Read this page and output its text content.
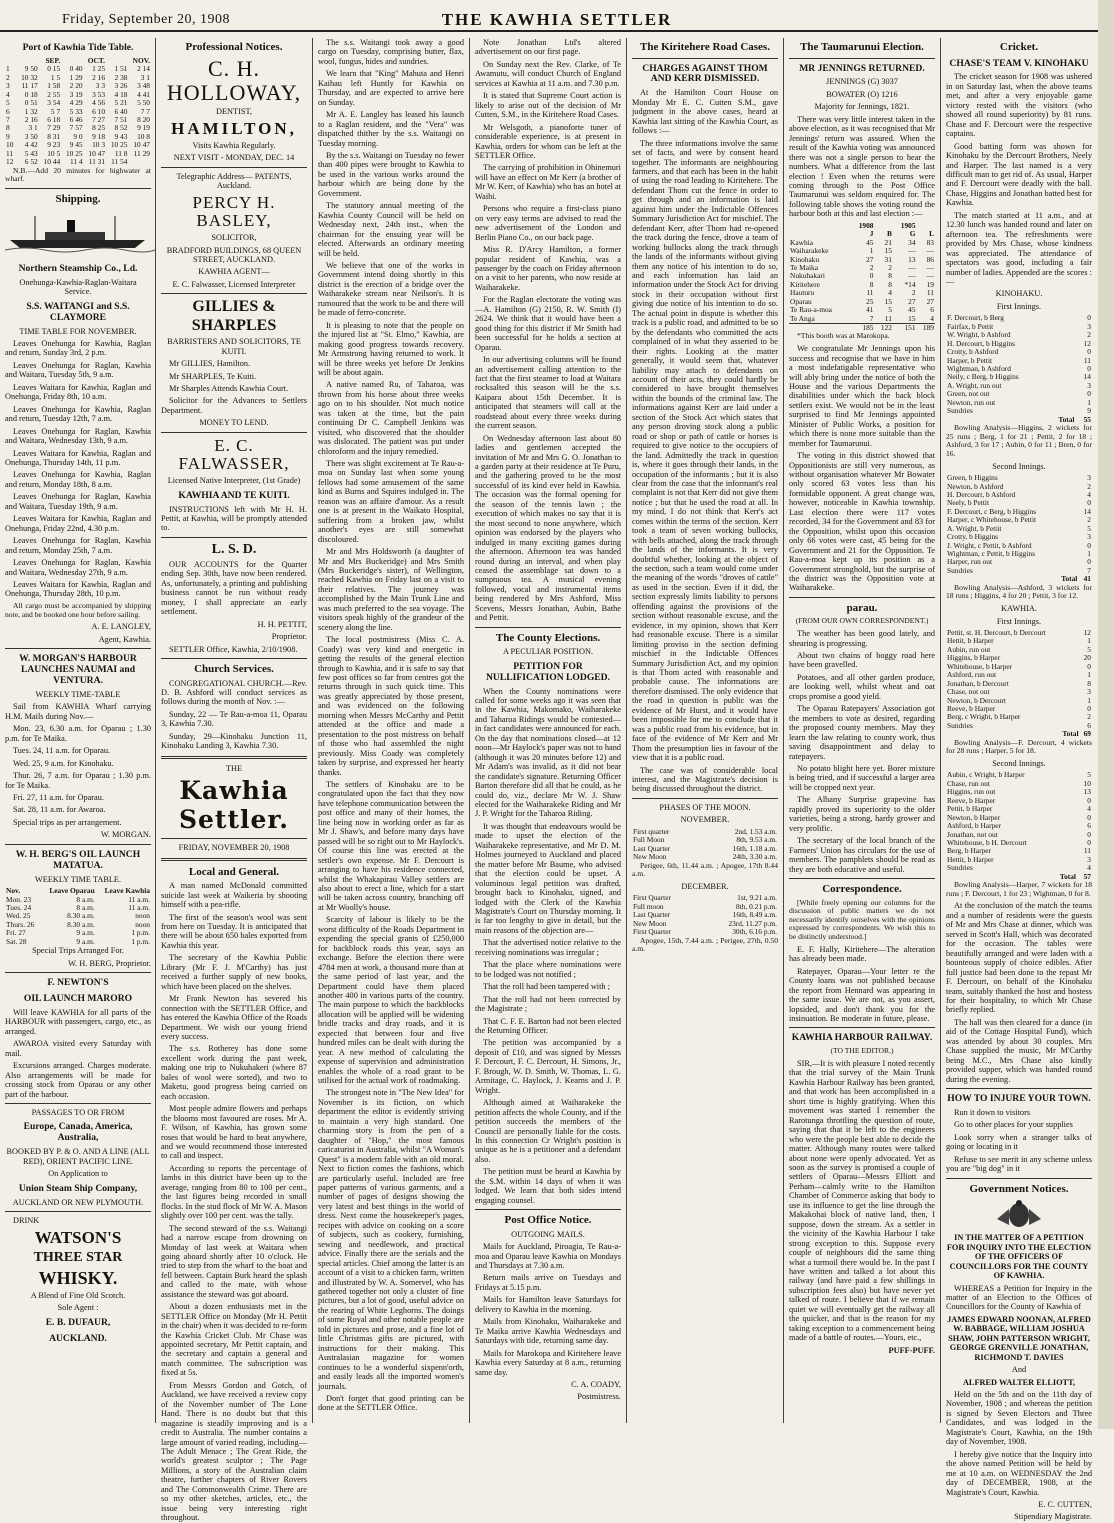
Friday, September 20, 1908	THE KAWHIA SETTLER
Port of Kawhia Tide Table.
	SEP.		OCT.		NOV.	
1	9 50	0 15	0 40	1 25	1 51	2 14
2	10 32	1 5	1 29	2 16	2 38	3 1
3	11 17	1 58	2 20	3 3	3 26	3 48
4	0 18	2 55	3 19	3 53	4 18	4 41
5	0 51	3 54	4 29	4 56	5 21	5 50
6	1 32	5 7	5 33	6 10	6 40	7 7
7	2 16	6 18	6 46	7 27	7 51	8 20
8	3 1	7 29	7 57	8 25	8 52	9 19
9	3 50	8 31	9 0	9 18	9 43	10 8
10	4 42	9 23	9 45	10 3	10 25	10 47
11	5 43	10 5	10 25	10 47	11 8	11 29
12	6 52	10 44	11 4	11 31	11 54	

N.B.—Add 20 minutes for highwater at wharf.

Shipping.
Northern Steamship Co., Ld.

Onehunga-Kawhia-Raglan-Waitara Service.

S.S. WAITANGI and S.S. CLAYMORE

TIME TABLE FOR NOVEMBER.

Leaves Onehunga for Kawhia, Raglan and return, Sunday 3rd, 2 p.m.

Leaves Onehunga for Raglan, Kawhia and Waitara, Tuesday 5th, 9 a.m.

Leaves Waitara for Kawhia, Raglan and Onehunga, Friday 8th, 10 a.m.

Leaves Onehunga for Kawhia, Raglan and return, Tuesday 12th, 7 a.m.

Leaves Onehunga for Raglan, Kawhia and Waitara, Wednesday 13th, 9 a.m.

Leaves Waitara for Kawhia, Raglan and Onehunga, Thursday 14th, 11 p.m.

Leaves Onehunga for Kawhia, Raglan and return, Monday 18th, 8 a.m.

Leaves Onehunga for Raglan, Kawhia and Waitara, Tuesday 19th, 9 a.m.

Leaves Waitara for Kawhia, Raglan and Onehunga, Friday 22nd, 4.30 p.m.

Leaves Onehunga for Raglan, Kawhia and return, Monday 25th, 7 a.m.

Leaves Onehunga for Raglan, Kawhia and Waitara, Wednesday 27th, 9 a.m.

Leaves Waitara for Kawhia, Raglan and Onehunga, Thursday 28th, 10 p.m.

All cargo must be accompanied by shipping note, and be booked one hour before sailing.

A. E. LANGLEY,

Agent, Kawhia.

W. MORGAN'S HARBOUR LAUNCHES NAUMAI and VENTURA.

WEEKLY TIME-TABLE

Sail from KAWHIA Wharf carrying H.M. Mails during Nov.—

Mon. 23, 6.30 a.m. for Oparau ; 1.30 p.m. for Te Maika.

Tues. 24, 11 a.m. for Oparau.

Wed. 25, 9 a.m. for Kinohaku.

Thur. 26, 7 a.m. for Oparau ; 1.30 p.m. for Te Maika.

Fri. 27, 11 a.m. for Oparau.

Sat. 28, 11 a.m. for Awaroa.

Special trips as per arrangement.

W. MORGAN.

W. H. BERG'S OIL LAUNCH MATATUA.

WEEKLY TIME TABLE.

Nov.	Leave Oparau	Leave Kawhia
Mon. 23	8 a.m.	11 a.m.
Tues. 24	8 a.m.	11 a.m.
Wed. 25	8.30 a.m.	noon
Thurs. 26	8.30 a.m.	noon
Fri. 27	9 a.m.	1 p.m.
Sat. 28	9 a.m.	1 p.m.

Special Trips Arranged For.

W. H. BERG, Proprietor.

F. NEWTON'S
OIL LAUNCH MARORO

Will leave KAWHIA for all parts of the HARBOUR with passengers, cargo, etc., as arranged.

AWAROA visited every Saturday with mail.

Excursions arranged. Charges moderate. Also arrangements will be made for crossing stock from Oparau or any other part of the harbour.

PASSAGES TO OR FROM

Europe, Canada, America, Australia,

BOOKED BY P. & O. AND A LINE (ALL RED), ORIENT PACIFIC LINE.

On Application to

Union Steam Ship Company,

AUCKLAND OR NEW PLYMOUTH.

DRINK

WATSON'S
THREE STAR
WHISKY.

A Blend of Fine Old Scotch.

Sole Agent :

E. B. DUFAUR,
AUCKLAND.
Professional Notices.
C. H. HOLLOWAY,

DENTIST,

HAMILTON,

Visits Kawhia Regularly.

NEXT VISIT - MONDAY, DEC. 14

Telegraphic Address— PATENTS, Auckland.

PERCY H. BASLEY,

SOLICITOR,

BRADFORD BUILDINGS, 68 QUEEN STREET, AUCKLAND.

KAWHIA AGENT—

E. C. Falwasser, Licensed Interpreter

GILLIES & SHARPLES

BARRISTERS AND SOLICITORS, TE KUITI.

Mr GILLIES, Hamilton.

Mr SHARPLES, Te Kuiti.

Mr Sharples Attends Kawhia Court.

Solicitor for the Advances to Settlers Department.

MONEY TO LEND.

E. C. FALWASSER,

Licensed Native Interpreter, (1st Grade)

KAWHIA AND TE KUITI.

INSTRUCTIONS left with Mr H. H. Pettit, at Kawhia, will be promptly attended to.

L. S. D.

OUR ACCOUNTS for the Quarter ending Sep. 30th, have now been rendered. As, unfortunately, a printing and publishing business cannot be run without ready money, I shall appreciate an early settlement.

H. H. PETTIT,

Proprietor.

SETTLER Office, Kawhia, 2/10/1908.

Church Services.

CONGREGATIONAL CHURCH.—Rev. D. B. Ashford will conduct services as follows during the month of Nov. :—

Sunday, 22 — Te Rau-a-moa 11, Oparau 3, Kawhia 7.30.

Sunday, 29—Kinohaku Junction 11, Kinohaku Landing 3, Kawhia 7.30.

THE

Kawhia Settler.

FRIDAY, NOVEMBER 20, 1908

Local and General.

A man named McDonald committed suicide last week at Waikeria by shooting himself with a pea-rifle.

The first of the season's wool was sent from here on Tuesday. It is anticipated that there will be about 650 bales exported from Kawhia this year.

The secretary of the Kawhia Public Library (Mr F. J. M'Carthy) has just received a further supply of new books, which have been placed on the shelves.

Mr Frank Newton has severed his connection with the SETTLER Office, and has entered the Kawhia Office of the Roads Department. We wish our young friend every success.

The s.s. Rotherey has done some excellent work during the past week, making one trip to Nukuhakeri (where 87 bales of wool were sorted), and two to Maketu, good progress being carried on each occasion.

Most people admire flowers and perhaps the blooms most favoured are roses. Mr A. F. Wilson, of Kawhia, has grown some roses that would be hard to beat anywhere, and we would recommend those interested to call and inspect.

According to reports the percentage of lambs in this district have been up to the average, ranging from 80 to 100 per cent., the last figures being recorded in small flocks. In the stud flock of Mr W. A. Mason slightly over 100 per cent. was the tally.

The second steward of the s.s. Waitangi had a narrow escape from drowning on Monday of last week at Waitara when going aboard shortly after 10 o'clock. He tried to step from the wharf to the boat and fell between. Captain Burk heard the splash and called to the mate, with whose assistance the steward was got aboard.

About a dozen enthusiasts met in the SETTLER Office on Monday (Mr H. Pettit in the chair) when it was decided to re-form the Kawhia Cricket Club. Mr Chase was appointed secretary, Mr Pettit captain, and the secretary and captain a general and match committee. The subscription was fixed at 5s.

From Messrs Gordon and Gotch, of Auckland, we have received a review copy of the November number of The Lone Hand. There is no doubt but that this magazine is steadily improving and is a credit to Australia. The number contains a large amount of varied reading, including—The Adult Menace ; The Great Ride, the world's greatest sculptor ; The Page Millions, a story of the Australian claim theatre, further chapters of River Rovers and The Commonwealth Crime. There are so my other sketches, articles, etc., the issue being very interesting right throughout.

The s.s. Waitangi took away a good cargo on Tuesday, comprising butter, flax, wool, fungus, hides and sundries.

We learn that "King" Mahuta and Henri Kaihau left Huntly for Kawhia on Thursday, and are expected to arrive here on Sunday.

Mr A. E. Langley has leased his launch to a Raglan resident, and the "Vera" was dispatched thither by the s.s. Waitangi on Tuesday morning.

By the s.s. Waitangi on Tuesday no fewer than 400 pipes were brought to Kawhia to be used in the various works around the harbour which are being done by the Government.

The statutory annual meeting of the Kawhia County Council will be held on Wednesday next, 24th inst., when the chairman for the ensuing year will be elected. Afterwards an ordinary meeting will be held.

We believe that one of the works in Government intend doing shortly in this district is the erection of a bridge over the Waiharakeke stream near Neilson's. It is rumoured that the work to be and there will be made of ferro-concrete.

It is pleasing to note that the people on the injured list at "St. Elmo," Kawhia, are making good progress towards recovery. Mr Armstrong having returned to work. It will be three weeks yet before Dr Jenkins will be about again.

A native named Ru, of Taharoa, was thrown from his horse about three weeks ago on to his shoulder. Not much notice was taken at the time, but the pain continuing Dr C. Campbell Jenkins was visited, who discovered that the shoulder was dislocated. The patient was put under chloroform and the injury remedied.

There was slight excitement at Te Rau-a-moa on Sunday last when some young fellows had some amusement of the same kind as Burns and Squires indulged in. The reason was an affaire d'amour. As a result one is at present in the Waikato Hospital, suffering from a broken jaw, whilst another's eyes are still somewhat discoloured.

Mr and Mrs Holdsworth (a daughter of Mr and Mrs Buckeridge) and Mrs Smith (Mrs Buckeridge's sister), of Wellington, reached Kawhia on Friday last on a visit to their relatives. The journey was accomplished by the Main Trunk Line and was much preferred to the sea voyage. The visitors speak highly of the grandeur of the scenery along the line.

The local postmistress (Miss C. A. Coady) was very kind and energetic in getting the results of the general election through to Kawhia, and it is safe to say that few post offices so far from centres got the returns through in such quick time. This was greatly appreciated by those present, and was evidenced on the following morning when Messrs McCarthy and Pettit attended at the office and made a presentation to the post mistress on behalf of those who had assembled the night previously. Miss Coady was completely taken by surprise, and expressed her hearty thanks.

The settlers of Kinohaku are to be congratulated upon the fact that they now have telephone communication between the post office and many of their homes, the line being now in working order as far as Mr J. Shaw's, and before many days have passed will be so right out to Mr Haylock's. Of course this line was erected at the settler's own expense. Mr F. Dercourt is arranging to have his residence connected, whilst the Whakapirau Valley settlers are also about to erect a line, which for a start will be taken across country, branching off at Mr Woolly's house.

Scarcity of labour is likely to be the worst difficulty of the Roads Department in expending the special grants of £250,000 for backblock roads this year, says an exchange. Before the election there were 4784 men at work, a thousand more than at the same period of last year, and the Department could have them placed another 400 in various parts of the country. The main purpose to which the backblocks allocation will be applied will be widening bridle tracks and dray roads, and it is expected that between four and five hundred miles can be dealt with during the year. A new method of calculating the expense of supervision and administration enables the whole of a road grant to be utilised for the actual work of roadmaking.

The strongest note in "The New Idea" for November is its fiction, on which department the editor is evidently striving to maintain a very high standard. One charming story is from the pen of a daughter of "Hop," the most famous caricaturist in Australia, whilst "A Woman's Quest" is a modern fable with an old moral. Next to fiction comes the fashions, which are particularly useful. Included are free paper patterns of various garments, and a number of pages of designs showing the very latest and best things in the world of dress. Next come the housekeeper's pages, recipes with advice on cooking on a score of subjects, such as cookery, furnishing, sewing and needlework, and practical advice. Finally there are the serials and the special articles. Chief among the latter is an account of a visit to a chicken farm, written and illustrated by W. A. Somervel, who has gathered together not only a cluster of fine pictures, but a lot of good, useful advice on the rearing of White Leghorns. The doings of some Royal and other notable people are told in pictures and prose, and a fine lot of little Christmas gifts are pictured, with instructions for their making. This Australasian magazine for women continues to be a wonderful sixpenn'orth, and easily leads all the imported women's journals.

Don't forget that good printing can be done at the SETTLER Office.

Note Jonathan Ltd's altered advertisement on our first page.

On Sunday next the Rev. Clarke, of Te Awamutu, will conduct Church of England services at Kawhia at 11 a.m. and 7.30 p.m.

It is stated that Supreme Court action is likely to arise out of the decision of Mr Cutten, S.M., in the Kiritehere Road Cases.

Mr Welsgoth, a pianoforte tuner of considerable experience, is at present in Kawhia, orders for whom can be left at the SETTLER Office.

The carrying of prohibition in Ohinemuri will have an effect on Mr Kerr (a brother of Mr W. Kerr, of Kawhia) who has an hotel at Waihi.

Persons who require a first-class piano on very easy terms are advised to read the new advertisement of the London and Berlin Piano Co., on our back page.

Miss R. D'Arcy Hamilton, a former popular resident of Kawhia, was a passenger by the coach on Friday afternoon on a visit to her parents, who now reside at Waiharakeke.

For the Raglan electorate the voting was—A. Hamilton (G) 2150, R. W. Smith (I) 2624. We think that it would have been a good thing for this district if Mr Smith had been successful for he holds a section at Oparau.

In our advertising columns will be found an advertisement calling attention to the fact that the first steamer to load at Waitara rocksalted this season will be the s.s. Kaipara about 15th December. It is anticipated that steamers will call at the roadstead about every three weeks during the current season.

On Wednesday afternoon last about 80 ladies and gentlemen accepted the invitation of Mr and Mrs G. O. Jonathan to a garden party at their residence at Te Puru, and the gathering proved to be the most successful of its kind ever held in Kawhia. The occasion was the formal opening for the season of the tennis lawn ; the execution of which makes no say that it is the most second to none anywhere, which opinion was endorsed by the players who indulged in many exciting games during the afternoon. Afternoon tea was handed round during an interval, and when play ceased the assemblage sat down to a sumptuous tea. A musical evening followed, vocal and instrumental items being rendered by Mrs Ashford, Miss Scevens, Messrs Jonathan, Aubin, Bathe and Pettit.

The County Elections.

A PECULIAR POSITION.

PETITION FOR NULLIFICATION LODGED.

When the County nominations were called for some weeks ago it was seen that in the Kawhia, Makomako, Waiharakeke and Taharoa Ridings would be contested—in fact candidates were announced for each. On the day that nominations closed—at 12 noon—Mr Haylock's paper was not to hand (although it was 20 minutes before 12) and Mr Adam's was invalid, as it did not bear the candidate's signature. Returning Officer Barton therefore did all that he could, as he could do, viz., declare Mr W. J. Shaw elected for the Waiharakeke Riding and Mr J. P. Wright for the Taharoa Riding.

It was thought that endeavours would be made to upset the election of the Waiharakeke representative, and Mr D. M. Holmes journeyed to Auckland and placed the matter before Mr Baume, who advised that the election could be upset. A voluminous legal petition was drafted, brought back to Kinohaku, signed, and lodged with the Clerk of the Kawhia Magistrate's Court on Thursday morning. It is far too lengthy to give in detail, but the main reasons of the objection are—

That the advertised notice relative to the receiving nominations was irregular ;

That the place where nominations were to be lodged was not notified ;

That the roll had been tampered with ;

That the roll had not been corrected by the Magistrate ;

That C. F. E. Barton had not been elected the Returning Officer.

The petition was accompanied by a deposit of £10, and was signed by Messrs F. Dercourt, F. C. Dercourt, H. Simons, Jr., F. Brough, W. D. Smith, W. Thomas, L. G. Armitage, C. Haylock, J. Kearns and J. P. Wright.

Although aimed at Waiharakeke the petition affects the whole County, and if the petition succeeds the members of the Council are personally liable for the costs. In this connection Cr Wright's position is unique as he is a petitioner and a defendant also.

The petition must be heard at Kawhia by the S.M. within 14 days of when it was lodged. We learn that both sides intend engaging counsel.

Post Office Notice.

OUTGOING MAILS.

Mails for Auckland, Piroagia, Te Rau-a-moa and Oparau leave Kawhia on Mondays and Thursdays at 7.30 a.m.

Return mails arrive on Tuesdays and Fridays at 5.15 p.m.

Mails for Hamilton leave Saturdays for delivery to Kawhia in the morning.

Mails from Kinohaku, Waiharakeke and Te Maika arrive Kawhia Wednesdays and Saturdays with tide, returning same day.

Mails for Marokopa and Kiritehere leave Kawhia every Saturday at 8 a.m., returning same day.

C. A. COADY,

Postmistress.

The Kiritehere Road Cases.
CHARGES AGAINST THOM AND KERR DISMISSED.

At the Hamilton Court House on Monday Mr E. C. Cutten S.M., gave judgment in the above cases, heard at Kawhia last sitting of the Kawhia Court, as follows :—

The three informations involve the same set of facts, and were by consent heard together. The informants are neighbouring farmers, and that each has been in the habit of using the road leading to Kiritehere. The defendant Thom cut the fence in order to get through and an information is laid against him under the Indictable Offences Summary Jurisdiction Act for mischief. The defendant Kerr, after Thom had re-opened the track during the fence, drove a team of working bullocks along the track through the lands of the informants without giving them any notice of his intention to do so, and each information has laid an information under the Stock Act for driving stock in their occupation without first giving due notice of his intention to do so. The actual point in dispute is whether this track is a public road, and admitted to be so by the defendants who committed the acts complained of in what they asserted to be their rights. Looking at the matter generally, it would seem that, whatever liability may attach to defendants on account of their acts, they could hardly be considered to have brought themselves within the bounds of the criminal law. The informations against Kerr are laid under a section of the Stock Act which states that any person droving stock along a public road or shop or path of cattle or horses is required to give notice to the occupiers of the land. Admittedly the track in question is, where it goes through their lands, in the occupation of the informants ; but it is also clear from the case that the informant's real complaint is not that Kerr did not give them notice ; but that he used the road at all. In my mind, I do not think that Kerr's act comes within the terms of the section. Kerr took a team of seven working bullocks, with bells attached, along the track through the lands of the informants. It is very doubtful whether, looking at the object of the section, such a team would come under the meaning of the words "droves of cattle" as used in the section. Even if it did, the section expressly limits liability to persons offending against the provisions of the section without reasonable excuse, and the evidence, in my opinion, shows that Kerr had reasonable excuse. There is a similar limiting proviso in the section defining mischief in the Indictable Offences Summary Jurisdiction Act, and my opinion is that Thom acted with reasonable and probable cause. The informations are therefore dismissed. The only evidence that the road in question is public was the evidence of Mr Hurst, and it would have been impossible for me to conclude that it was a public road from his evidence, but in face of the evidence of Mr Kerr and Mr Thom the presumption lies in favour of the view that it is a public road.

The case was of considerable local interest, and the Magistrate's decision is being discussed throughout the district.

PHASES OF THE MOON.

NOVEMBER.

First quarter	2nd, 1.53 a.m.
Full Moon	8th, 9.53 a.m.
Last Quarter	16th, 1.18 a.m.
New Moon	24th, 3.30 a.m.

Perigee, 6th, 11.44 a.m. ; Apogee, 17th 8.44 a.m.

DECEMBER.

First Quarter	1st, 9.21 a.m.
Full moon	8th, 0.21 p.m.
Last Quarter	16th, 8.49 a.m.
New Moon	23rd, 11.27 p.m.
First Quarter	30th, 6.16 p.m.

Apogee, 15th, 7.44 a.m. ; Perigee, 27th, 0.50 a.m.

The Taumarunui Election.
MR JENNINGS RETURNED.

JENNINGS (G) 3037

BOWATER (O) 1216

Majority for Jennings, 1821.

There was very little interest taken in the above election, as it was recognised that Mr Jennings' return was assured. When the result of the Kawhia voting was announced there was not a single person to hear the numbers. What a difference from the last election ! Even when the returns were coming through to the Post Office Taumarunui was seldom enquired for. The following table shows the voting round the harbour both at this and last election :—

	1908		1905	
	J	B	G	L
Kawhia	45	21	34	83
Waiharakeke	1	15	—	—
Kinohaku	27	31	13	86
Te Maika	2	2	—	—
Nukuhakari	0	8	—	—
Kiritehere	8	8	*14	19
Hauturu	11	4	2	11
Oparau	25	15	27	27
Te Rau-a-moa	41	5	45	6
Te Anga	7	11	15	4
	185	122	151	189

*This booth was at Marokopa.

We congratulate Mr Jennings upon his success and recognise that we have in him a most indefatigable representative who will ably bring under the notice of both the House and the various Departments the disabilities under which the back block settlers exist. We would not be in the least surprised to find Mr Jennings appointed Minister of Public Works, a position for which there is none more suitable than the member for Taumarunui.

The voting in this district showed that Oppositionists are still very numerous, as without organisation whatever Mr Bowater only scored 63 votes less than his formidable opponent. A great change was, however, noticeable in Kawhia township. Last election there were 117 votes recorded, 34 for the Government and 83 for the Opposition, whilst upon this occasion only 66 votes were cast, 45 being for the Government and 21 for the Opposition. Te Rau-a-moa kept up its position as a Government stronghold, but the surprise of the district was the Opposition vote at Waiharakeke.

parau.

(FROM OUR OWN CORRESPONDENT.)

The weather has been good lately, and shearing is progressing.

About two chains of boggy road here have been gravelled.

Potatoes, and all other garden produce, are looking well, whilst wheat and oat crops promise a good yield.

The Oparau Ratepayers' Association got the members to vote as desired, regarding the proposed county members. May they learn the law relating to county work, thus saving disappointment and delay to ratepayers.

No potato blight here yet. Borer mixture is being tried, and if successful a larger area will be cropped next year.

The Albany Surprise grapevine has rapidly proved its superiority to the older varieties, being a strong, hardy grower and very prolific.

The secretary of the local branch of the Farmers' Union has circulars for the use of members. The pamphlets should be read as they are both educative and useful.

Correspondence.

[While freely opening our columns for the discussion of public matters we do not necessarily identify ourselves with the opinions expressed by correspondents. We wish this to be distinctly understood.]

E. F. Hally, Kiritehere—The alteration has already been made.

Ratepayer, Oparau—Your letter re the County loans was not published because the report from Hennard was appearing in the same issue. We are not, as you assert, lopsided, and don't thank you for the insinuation. Be moderate in future, please.

KAWHIA HARBOUR RAILWAY.

(TO THE EDITOR.)

SIR,—It is with pleasure I noted recently that the trial survey of the Main Trunk Kawhia Harbour Railway has been granted, and that work has been accomplished in a short time is highly gratifying. When this movement was started I remember the Rarotunga throttling the question of route, saying that that it be left to the engineers who were the people best able to decide the matter. Although many routes were talked about none were openly advocated. Yet as soon as the survey is promised a couple of settlers of Oparau—Messrs Elliott and Perham—calmly write to the Hamilton Chamber of Commerce asking that body to use its influence to get the line through the Makakohai block of native land, then, I suppose, down the stream. As a settler in the vicinity of the Kawhia Harbour I take strong exception to this. Suppose every couple of neighbours did the same thing what a turmoil there would be. In the past I have written and talked a lot about this railway (and have paid a few shillings in subscription fees also) but have never yet talked of route. I believe that if we remain quiet we will eventually get the railway all the quicker, and that is the reason for my taking exception to a commencement being made of a battle of routes.—Yours, etc.,

PUFF-PUFF.

Cricket.
CHASE'S TEAM V. KINOHAKU

The cricket season for 1908 was ushered in on Saturday last, when the above teams met, and after a very enjoyable game victory rested with the visitors (who showed all round superiority) by 81 runs. Chase and F. Dercourt were the respective captains.

Good batting form was shown for Kinohaku by the Dercourt Brothers, Neely and Harper. The last named is a very difficult man to get rid of. As usual, Harper and F. Dercourt were deadly with the ball. Chase, Higgins and Jonathan batted best for Kawhia.

The match started at 11 a.m., and at 12.30 lunch was handed round and later on afternoon tea. The refreshments were provided by Mrs Chase, whose kindness was appreciated. The attendance of spectators was good, including a fair number of ladies. Appended are the scores :—

KINOHAKU.

First Innings.

F. Dercourt, b Berg	0
Fairfax, b Pettit	3
W. Wright, b Ashford	2
H. Dercourt, b Higgins	12
Crotty, b Ashford	0
Harper, b Pettit	11
Wightman, b Ashford	0
Neily, c Berg, b Higgins	14
A. Wright, run out	3
Green, not out	0
Newton, run out	1
Sundries	9
Total	55

Bowling Analysis—Higgins, 2 wickets for 25 runs ; Berg, 1 for 21 ; Pettit, 2 for 18 ; Ashford, 3 for 17 ; Aubin, 0 for 11 ; Bren, 0 for 16.

Second Innings.

Green, b Higgins	3
Newton, b Ashford	2
H. Dercourt, b Ashford	4
Neely, b Pettit	0
F. Dercourt, c Berg, b Higgins	14
Harper, c Whitehouse, b Pettit	2
A. Wright, b Pettit	5
Crotty, b Higgins	3
J. Wright, c Pettit, b Ashford	0
Wightman, c Pettit, b Higgins	1
Harper, run out	0
Sundries	7
Total	41

Bowling Analysis—Ashford, 3 wickets for 18 runs ; Higgins, 4 for 20 ; Pettit, 3 for 12.

KAWHIA.

First Innings.

Pettit, st. H. Dercourt, b Dercourt	12
Hettit, b Harper	1
Aubin, run out	5
Higgins, b Harper	20
Whitehouse, b Harper	0
Ashford, run out	1
Jonathan, b Dercourt	8
Chase, not out	3
Newton, b Dercourt	1
Reeve, b Harper	0
Berg, c Wright, b Harper	2
Sundries	6
Total	69

Bowling Analysis—F. Dercourt, 4 wickets for 28 runs ; Harper, 5 for 18.

Second Innings.

Aubin, c Wright, b Harper	5
Chase, run out	10
Higgins, run out	13
Reeve, b Harper	0
Pettit, b Harper	4
Newton, b Harper	0
Ashford, b Harper	6
Jonathan, not out	0
Whitehouse, b H. Dercourt	0
Berg, b Harper	11
Hettit, b Harper	3
Sundries	4
Total	57

Bowling Analysis—Harper, 7 wickets for 18 runs ; F. Dercourt, 1 for 23 ; Wightman, 0 for 8.

At the conclusion of the match the teams and a number of residents were the guests of Mr and Mrs Chase at dinner, which was served in Scott's Hall, which was decorated for the occasion. The tables were beautifully arranged and were laden with a bounteous supply of choice edibles. After full justice had been done to the repast Mr F. Dercourt, on behalf of the Kinohaku team, suitably thanked the host and hostess for their hospitality, to which Mr Chase briefly replied.

The hall was then cleared for a dance (in aid of the Cottage Hospital Fund), which was attended by about 30 couples. Mrs Chase supplied the music, Mr M'Carthy being M.C., Mrs Chase also kindly provided supper, which was handed round during the evening.

HOW TO INJURE YOUR TOWN.

Run it down to visitors

Go to other places for your supplies

Look sorry when a stranger talks of going or locating in it

Refuse to see merit in any scheme unless you are "big dog" in it

Government Notices.

IN THE MATTER OF A PETITION FOR INQUIRY INTO THE ELECTION OF THE OFFICERS OF COUNCILLORS FOR THE COUNTY OF KAWHIA.

WHEREAS a Petition for Inquiry in the matter of an Election to the Offices of Councillors for the County of Kawhia of

JAMES EDWARD NOONAN, ALFRED W. BABBAGE, WILLIAM JOSHUA SHAW, JOHN PATTERSON WRIGHT, GEORGE GRENVILLE JONATHAN, RICHMOND T. DAVIES

And

ALFRED WALTER ELLIOTT,

Held on the 5th and on the 11th day of November, 1908 ; and whereas the petition is signed by Seven Electors and Three Candidates, and was lodged in the Magistrate's Court, Kawhia, on the 19th day of November, 1908.

I hereby give notice that the Inquiry into the above named Petition will be held by me at 10 a.m. on WEDNESDAY the 2nd day of DECEMBER, 1908, at the Magistrate's Court, Kawhia.

E. C. CUTTEN,

Stipendiary Magistrate.
